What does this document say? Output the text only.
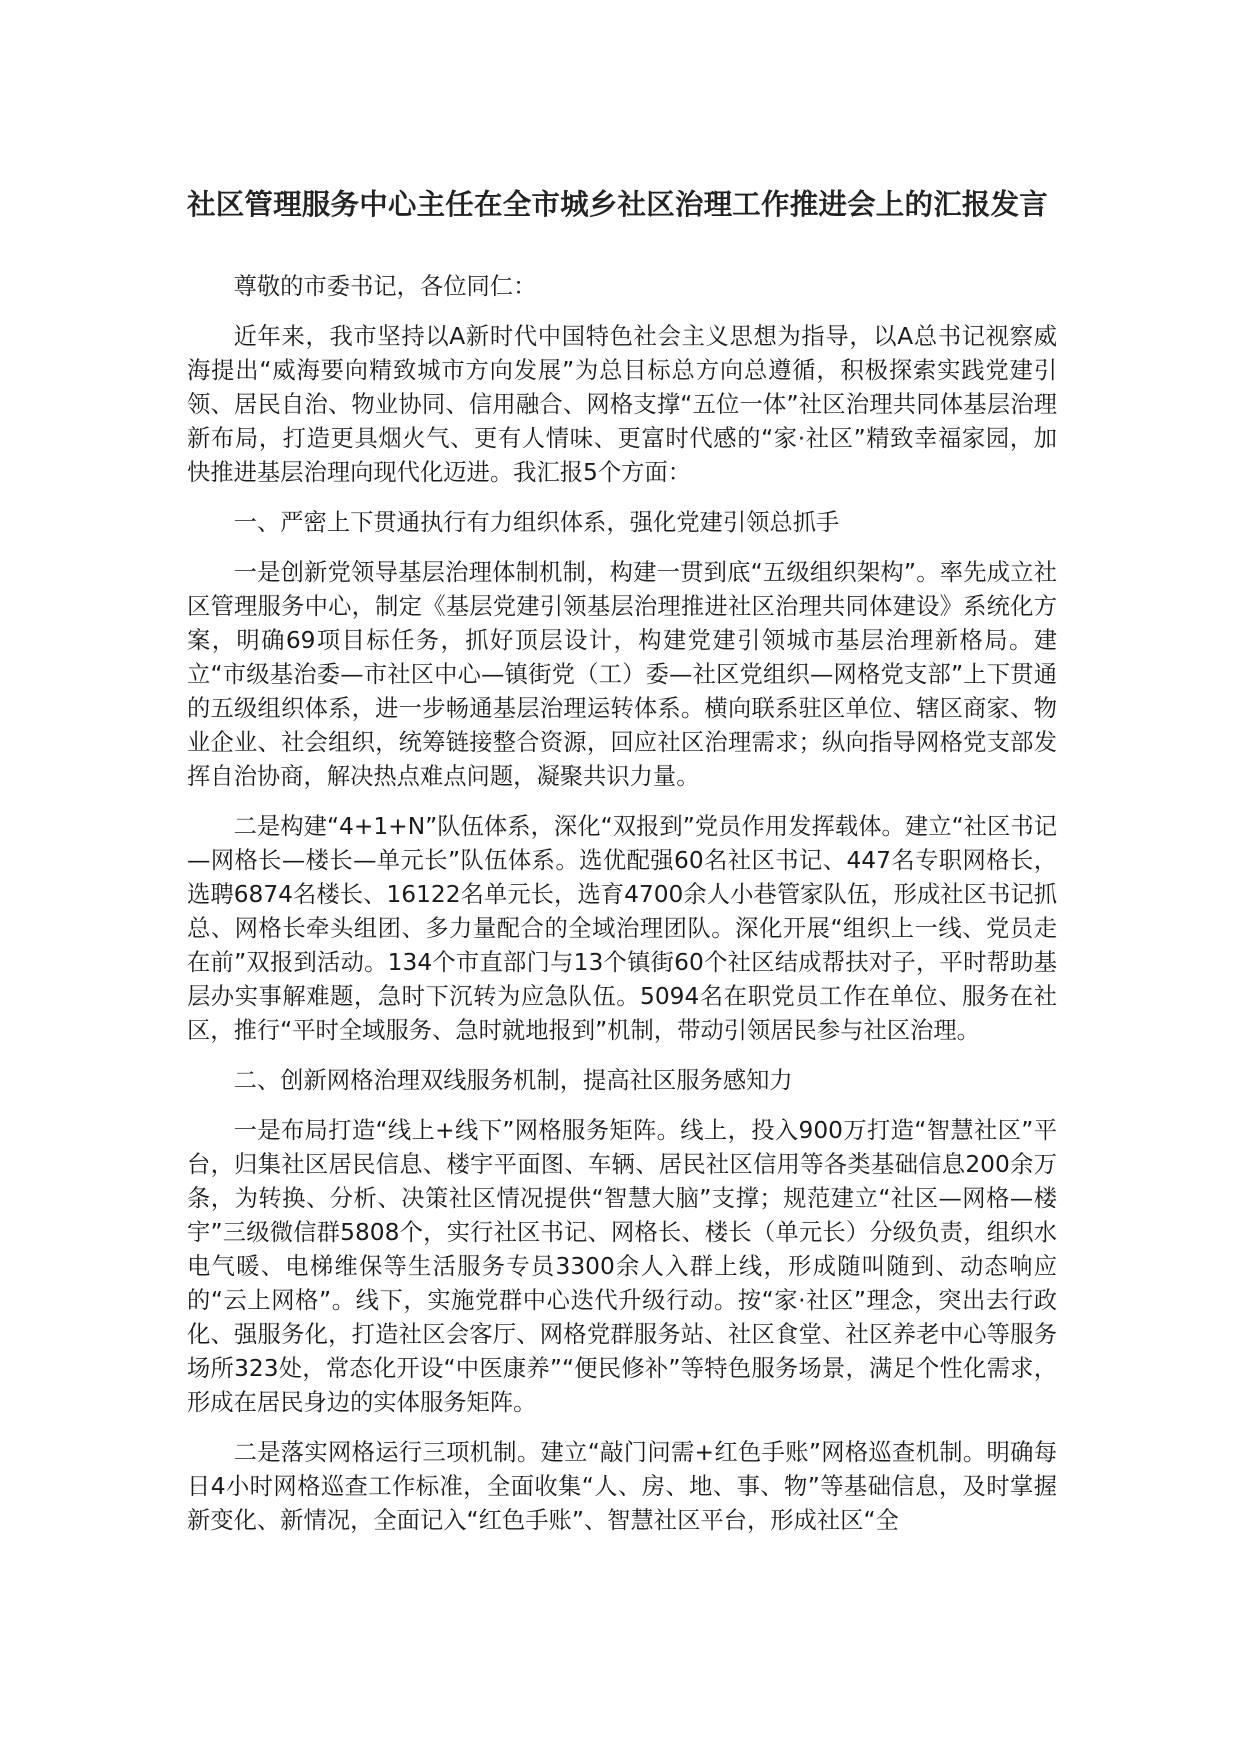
社区管理服务中心主任在全市城乡社区治理工作推进会上的汇报发言

尊敬的市委书记，各位同仁：

近年来，我市坚持以A新时代中国特色社会主义思想为指导，以A总书记视察威海提出“威海要向精致城市方向发展”为总目标总方向总遵循，积极探索实践党建引领、居民自治、物业协同、信用融合、网格支撑“五位一体”社区治理共同体基层治理新布局，打造更具烟火气、更有人情味、更富时代感的“家·社区”精致幸福家园，加快推进基层治理向现代化迈进。我汇报5个方面：

一、严密上下贯通执行有力组织体系，强化党建引领总抓手

一是创新党领导基层治理体制机制，构建一贯到底“五级组织架构”。率先成立社区管理服务中心，制定《基层党建引领基层治理推进社区治理共同体建设》系统化方案，明确69项目标任务，抓好顶层设计，构建党建引领城市基层治理新格局。建立“市级基治委—市社区中心—镇街党（工）委—社区党组织—网格党支部”上下贯通的五级组织体系，进一步畅通基层治理运转体系。横向联系驻区单位、辖区商家、物业企业、社会组织，统筹链接整合资源，回应社区治理需求；纵向指导网格党支部发挥自治协商，解决热点难点问题，凝聚共识力量。

二是构建“4+1+N”队伍体系，深化“双报到”党员作用发挥载体。建立“社区书记—网格长—楼长—单元长”队伍体系。选优配强60名社区书记、447名专职网格长，选聘6874名楼长、16122名单元长，选育4700余人小巷管家队伍，形成社区书记抓总、网格长牵头组团、多力量配合的全域治理团队。深化开展“组织上一线、党员走在前”双报到活动。134个市直部门与13个镇街60个社区结成帮扶对子，平时帮助基层办实事解难题，急时下沉转为应急队伍。5094名在职党员工作在单位、服务在社区，推行“平时全域服务、急时就地报到”机制，带动引领居民参与社区治理。

二、创新网格治理双线服务机制，提高社区服务感知力

一是布局打造“线上+线下”网格服务矩阵。线上，投入900万打造“智慧社区”平台，归集社区居民信息、楼宇平面图、车辆、居民社区信用等各类基础信息200余万条，为转换、分析、决策社区情况提供“智慧大脑”支撑；规范建立“社区—网格—楼宇”三级微信群5808个，实行社区书记、网格长、楼长（单元长）分级负责，组织水电气暖、电梯维保等生活服务专员3300余人入群上线，形成随叫随到、动态响应的“云上网格”。线下，实施党群中心迭代升级行动。按“家·社区”理念，突出去行政化、强服务化，打造社区会客厅、网格党群服务站、社区食堂、社区养老中心等服务场所323处，常态化开设“中医康养”“便民修补”等特色服务场景，满足个性化需求，形成在居民身边的实体服务矩阵。

二是落实网格运行三项机制。建立“敲门问需+红色手账”网格巡查机制。明确每日4小时网格巡查工作标准，全面收集“人、房、地、事、物”等基础信息，及时掌握新变化、新情况，全面记入“红色手账”、智慧社区平台，形成社区“全
